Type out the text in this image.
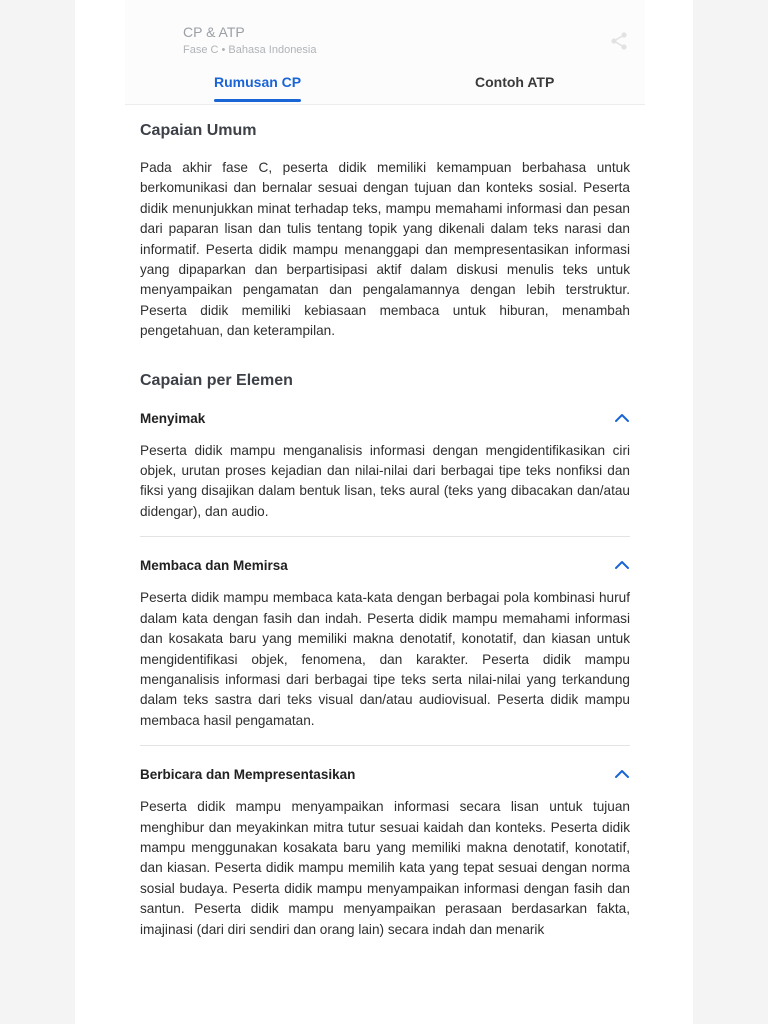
CP & ATP
Fase C • Bahasa Indonesia
Rumusan CP	Contoh ATP
Capaian Umum

Pada akhir fase C, peserta didik memiliki kemampuan berbahasa untuk berkomunikasi dan bernalar sesuai dengan tujuan dan konteks sosial. Peserta didik menunjukkan minat terhadap teks, mampu memahami informasi dan pesan dari paparan lisan dan tulis tentang topik yang dikenali dalam teks narasi dan informatif. Peserta didik mampu menanggapi dan mempresentasikan informasi yang dipaparkan dan berpartisipasi aktif dalam diskusi menulis teks untuk menyampaikan pengamatan dan pengalamannya dengan lebih terstruktur. Peserta didik memiliki kebiasaan membaca untuk hiburan, menambah pengetahuan, dan keterampilan.

Capaian per Elemen
Menyimak

Peserta didik mampu menganalisis informasi dengan mengidentifikasikan ciri objek, urutan proses kejadian dan nilai-nilai dari berbagai tipe teks nonfiksi dan fiksi yang disajikan dalam bentuk lisan, teks aural (teks yang dibacakan dan/atau didengar), dan audio.

Membaca dan Memirsa

Peserta didik mampu membaca kata-kata dengan berbagai pola kombinasi huruf dalam kata dengan fasih dan indah. Peserta didik mampu memahami informasi dan kosakata baru yang memiliki makna denotatif, konotatif, dan kiasan untuk mengidentifikasi objek, fenomena, dan karakter. Peserta didik mampu menganalisis informasi dari berbagai tipe teks serta nilai-nilai yang terkandung dalam teks sastra dari teks visual dan/atau audiovisual. Peserta didik mampu membaca hasil pengamatan.

Berbicara dan Mempresentasikan

Peserta didik mampu menyampaikan informasi secara lisan untuk tujuan menghibur dan meyakinkan mitra tutur sesuai kaidah dan konteks. Peserta didik mampu menggunakan kosakata baru yang memiliki makna denotatif, konotatif, dan kiasan. Peserta didik mampu memilih kata yang tepat sesuai dengan norma sosial budaya. Peserta didik mampu menyampaikan informasi dengan fasih dan santun. Peserta didik mampu menyampaikan perasaan berdasarkan fakta, imajinasi (dari diri sendiri dan orang lain) secara indah dan menarik
